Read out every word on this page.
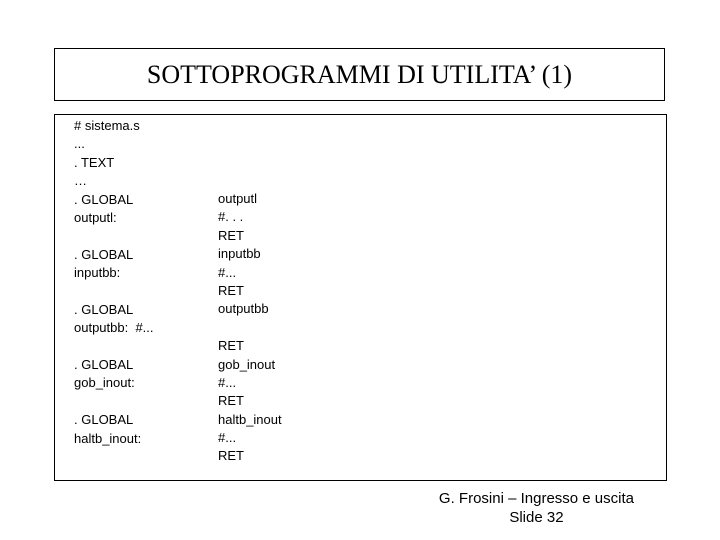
SOTTOPROGRAMMI DI UTILITA’ (1)
# sistema.s
...
. TEXT
…
. GLOBAL
outputl:
. GLOBAL
inputbb:
. GLOBAL
outputbb:  #...
. GLOBAL
gob_inout:
. GLOBAL
haltb_inout:
outputl
#. . .
RET
inputbb
#...
RET
outputbb
RET
gob_inout
#...
RET
haltb_inout
#...
RET
G. Frosini – Ingresso e uscita
Slide 32
